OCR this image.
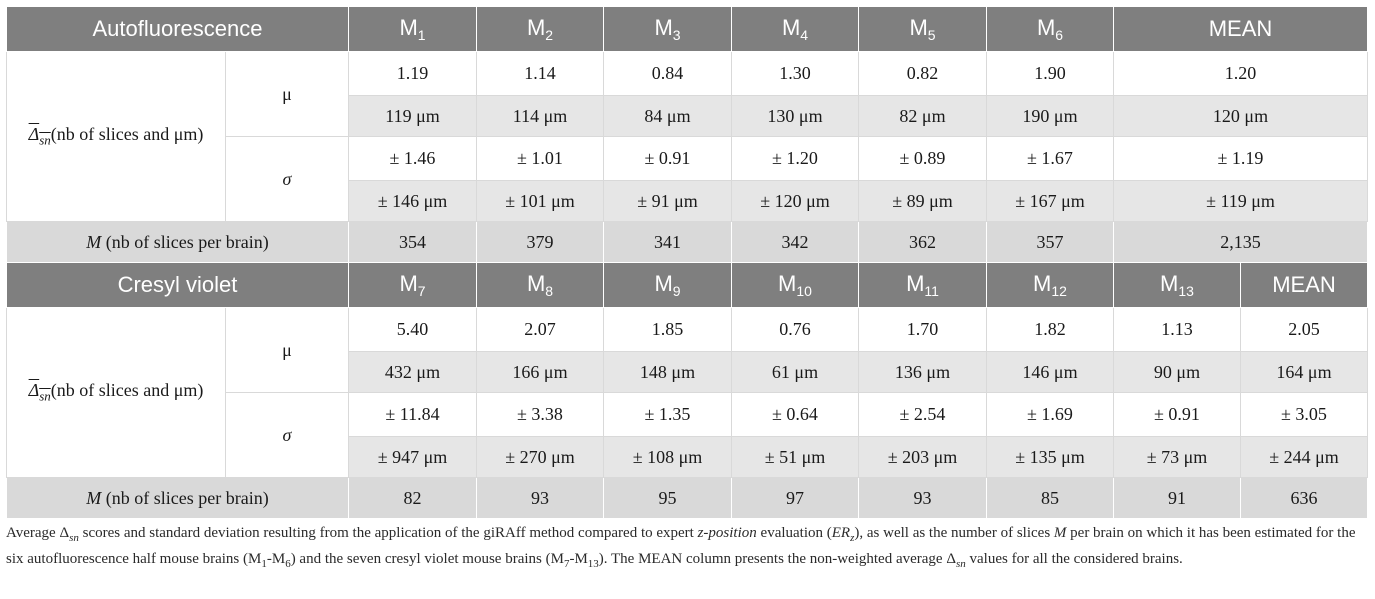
Autofluorescence		$M_1$	$M_2$	$M_3$	$M_4$	$M_5$	$M_6$	MEAN	
$\Delta_{sn}(nb$ of slices and μm)	μ	1.19	1.14	0.84	1.30	0.82	1.90	1.20	
		119 μm	114 μm	84 μm	130 μm	82 μm	190 μm	120 μm	
	σ	± 1.46	± 1.01	± 0.91	± 1.20	± 0.89	± 1.67	± 1.19	
		± 146 μm	± 101 μm	± 91 μm	± 120 μm	± 89 μm	± 167 μm	± 119 μm	
M (nb of slices per brain)		354	379	341	342	362	357	2,135	
Cresyl violet		$M_7$	$M_8$	$M_9$	$M_{10}$	$M_{11}$	$M_{12}$	$M_{13}$	MEAN
$\Delta_{sn}(nb$ of slices and μm)	μ	5.40	2.07	1.85	0.76	1.70	1.82	1.13	2.05
		432 μm	166 μm	148 μm	61 μm	136 μm	146 μm	90 μm	164 μm
	σ	± 11.84	± 3.38	± 1.35	± 0.64	± 2.54	± 1.69	± 0.91	± 3.05
		± 947 μm	± 270 μm	± 108 μm	± 51 μm	± 203 μm	± 135 μm	± 73 μm	± 244 μm
M (nb of slices per brain)		82	93	95	97	93	85	91	636
Average $\Delta_{sn}$ scores and standard deviation resulting from the application of the giRAff method compared to expert z-position evaluation $(ER_z)$, as well as the number of slices M per brain on which it has been estimated for the six autofluorescence half mouse brains $(M_1-M_6)$ and the seven cresyl violet mouse brains $(M_7-M_{13})$. The MEAN column presents the non-weighted average $\Delta_{sn}$ values for all the considered brains.
